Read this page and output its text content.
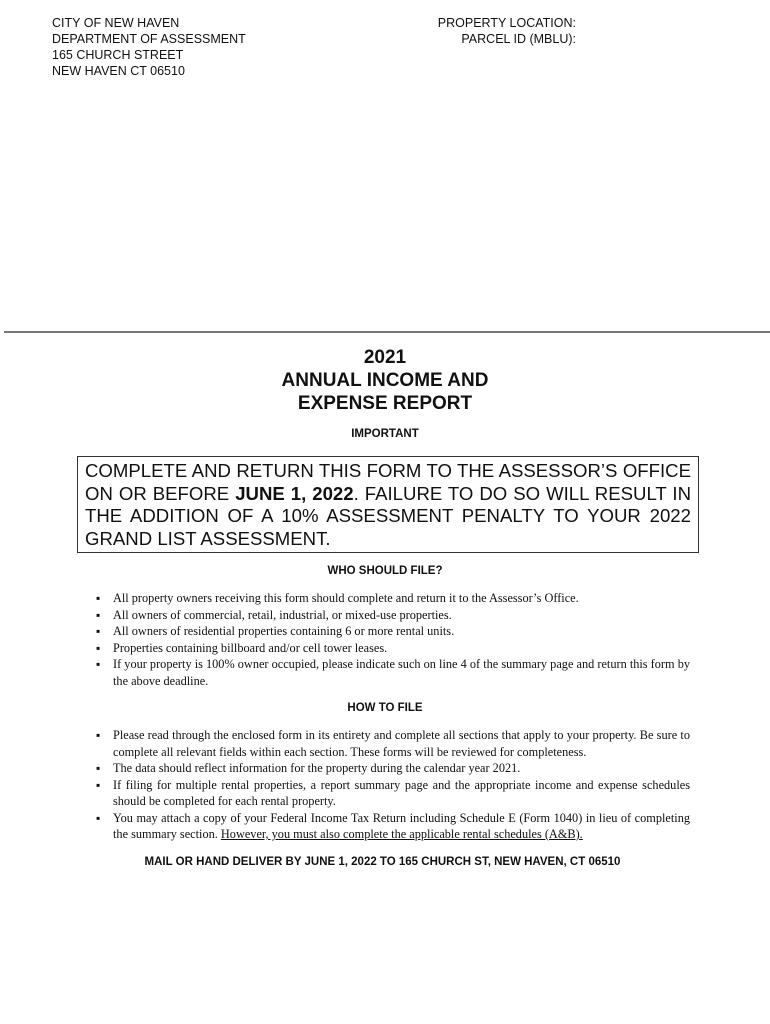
CITY OF NEW HAVEN
DEPARTMENT OF ASSESSMENT
165 CHURCH STREET
NEW HAVEN CT 06510
PROPERTY LOCATION:
PARCEL ID (MBLU):
2021
ANNUAL INCOME AND
EXPENSE REPORT
IMPORTANT
COMPLETE AND RETURN THIS FORM TO THE ASSESSOR’S OFFICE ON OR BEFORE JUNE 1, 2022. FAILURE TO DO SO WILL RESULT IN THE ADDITION OF A 10% ASSESSMENT PENALTY TO YOUR 2022 GRAND LIST ASSESSMENT.
WHO SHOULD FILE?
▪ All property owners receiving this form should complete and return it to the Assessor’s Office.
▪ All owners of commercial, retail, industrial, or mixed-use properties.
▪ All owners of residential properties containing 6 or more rental units.
▪ Properties containing billboard and/or cell tower leases.
▪ If your property is 100% owner occupied, please indicate such on line 4 of the summary page and return this form by the above deadline.
HOW TO FILE
▪ Please read through the enclosed form in its entirety and complete all sections that apply to your property. Be sure to complete all relevant fields within each section. These forms will be reviewed for completeness.
▪ The data should reflect information for the property during the calendar year 2021.
▪ If filing for multiple rental properties, a report summary page and the appropriate income and expense schedules should be completed for each rental property.
▪ You may attach a copy of your Federal Income Tax Return including Schedule E (Form 1040) in lieu of completing the summary section. However, you must also complete the applicable rental schedules (A&B).
MAIL OR HAND DELIVER BY JUNE 1, 2022 TO 165 CHURCH ST, NEW HAVEN, CT 06510
